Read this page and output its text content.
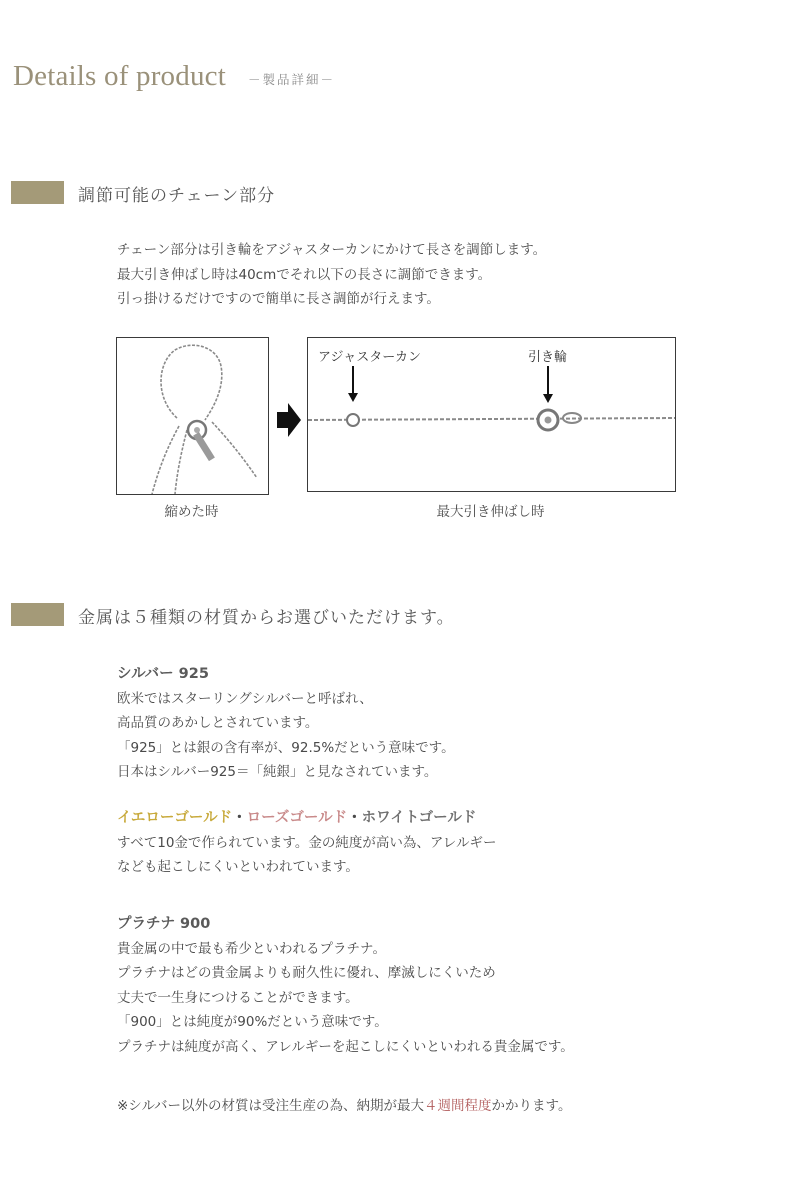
Details of product －製品詳細－
調節可能のチェーン部分
チェーン部分は引き輪をアジャスターカンにかけて長さを調節します。
最大引き伸ばし時は40cmでそれ以下の長さに調節できます。
引っ掛けるだけですので簡単に長さ調節が行えます。
アジャスターカン	引き輪
縮めた時	最大引き伸ばし時
金属は５種類の材質からお選びいただけます。
シルバー 925
欧米ではスターリングシルバーと呼ばれ、
高品質のあかしとされています。
「925」とは銀の含有率が、92.5%だという意味です。
日本はシルバー925＝「純銀」と見なされています。
イエローゴールド・ローズゴールド・ホワイトゴールド
すべて10金で作られています。金の純度が高い為、アレルギー
なども起こしにくいといわれています。
プラチナ 900
貴金属の中で最も希少といわれるプラチナ。
プラチナはどの貴金属よりも耐久性に優れ、摩滅しにくいため
丈夫で一生身につけることができます。
「900」とは純度が90%だという意味です。
プラチナは純度が高く、アレルギーを起こしにくいといわれる貴金属です。
※シルバー以外の材質は受注生産の為、納期が最大４週間程度かかります。
